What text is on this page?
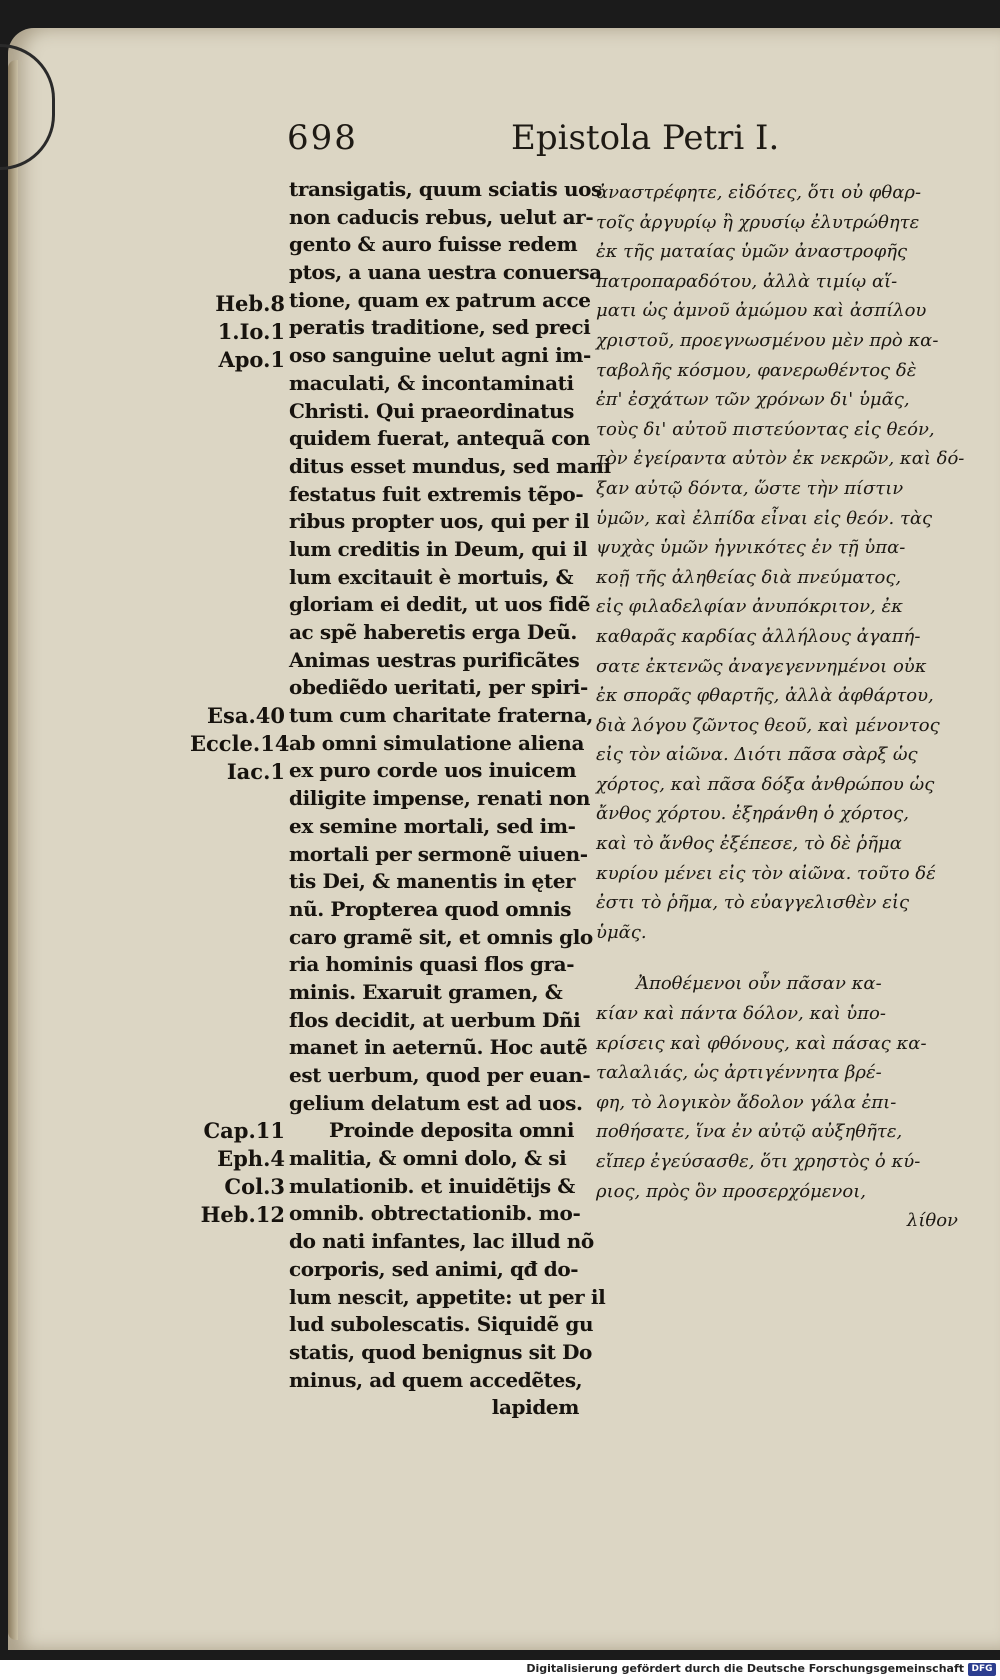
698	Epistola Petri I.
transigatis, quum sciatis uos
non caducis rebus, uelut ar-
gento & auro fuisse redem
ptos, a uana uestra conuersa
tione, quam ex patrum acce
peratis traditione, sed preci
oso sanguine uelut agni im-
maculati, & incontaminati
Christi. Qui praeordinatus
quidem fuerat, antequã con
ditus esset mundus, sed mani
festatus fuit extremis tẽpo-
ribus propter uos, qui per il
lum creditis in Deum, qui il
lum excitauit è mortuis, &
gloriam ei dedit, ut uos fidẽ
ac spẽ haberetis erga Deũ.
Animas uestras purificãtes
obediẽdo ueritati, per spiri-
tum cum charitate fraterna,
ab omni simulatione aliena
ex puro corde uos inuicem
diligite impense, renati non
ex semine mortali, sed im-
mortali per sermonẽ uiuen-
tis Dei, & manentis in ęter
nũ. Propterea quod omnis
caro gramẽ sit, et omnis glo
ria hominis quasi flos gra-
minis. Exaruit gramen, &
flos decidit, at uerbum Dñi
manet in aeternũ. Hoc autẽ
est uerbum, quod per euan-
gelium delatum est ad uos.
Proinde deposita omni
malitia, & omni dolo, & si
mulationib. et inuidẽtijs &
omnib. obtrectationib. mo-
do nati infantes, lac illud nõ
corporis, sed animi, qđ do-
lum nescit, appetite: ut per il
lud subolescatis. Siquidẽ gu
statis, quod benignus sit Do
minus, ad quem accedẽtes,
lapidem
Heb.8
1.Io.1
Apo.1
Esa.40
Eccle.14
Iac.1
Cap.11
Eph.4
Col.3
Heb.12
ἀναστρέφητε, εἰδότες, ὅτι οὐ φθαρ-
τοῖς ἀργυρίῳ ἢ χρυσίῳ ἐλυτρώθητε
ἐκ τῆς ματαίας ὑμῶν ἀναστροφῆς
πατροπαραδότου, ἀλλὰ τιμίῳ αἵ-
ματι ὡς ἀμνοῦ ἀμώμου καὶ ἀσπίλου
χριστοῦ, προεγνωσμένου μὲν πρὸ κα-
ταβολῆς κόσμου, φανερωθέντος δὲ
ἐπ' ἐσχάτων τῶν χρόνων δι' ὑμᾶς,
τοὺς δι' αὐτοῦ πιστεύοντας εἰς θεόν,
τὸν ἐγείραντα αὐτὸν ἐκ νεκρῶν, καὶ δό-
ξαν αὐτῷ δόντα, ὥστε τὴν πίστιν
ὑμῶν, καὶ ἐλπίδα εἶναι εἰς θεόν. τὰς
ψυχὰς ὑμῶν ἡγνικότες ἐν τῇ ὑπα-
κοῇ τῆς ἀληθείας διὰ πνεύματος,
εἰς φιλαδελφίαν ἀνυπόκριτον, ἐκ
καθαρᾶς καρδίας ἀλλήλους ἀγαπή-
σατε ἐκτενῶς ἀναγεγεννημένοι οὐκ
ἐκ σπορᾶς φθαρτῆς, ἀλλὰ ἀφθάρτου,
διὰ λόγου ζῶντος θεοῦ, καὶ μένοντος
εἰς τὸν αἰῶνα. Διότι πᾶσα σὰρξ ὡς
χόρτος, καὶ πᾶσα δόξα ἀνθρώπου ὡς
ἄνθος χόρτου. ἐξηράνθη ὁ χόρτος,
καὶ τὸ ἄνθος ἐξέπεσε, τὸ δὲ ῥῆμα
κυρίου μένει εἰς τὸν αἰῶνα. τοῦτο δέ
ἐστι τὸ ῥῆμα, τὸ εὐαγγελισθὲν εἰς
ὑμᾶς.
Ἀποθέμενοι οὖν πᾶσαν κα-
κίαν καὶ πάντα δόλον, καὶ ὑπο-
κρίσεις καὶ φθόνους, καὶ πάσας κα-
ταλαλιάς, ὡς ἀρτιγέννητα βρέ-
φη, τὸ λογικὸν ἄδολον γάλα ἐπι-
ποθήσατε, ἵνα ἐν αὐτῷ αὐξηθῆτε,
εἴπερ ἐγεύσασθε, ὅτι χρηστὸς ὁ κύ-
ριος, πρὸς ὃν προσερχόμενοι,
λίθον
Digitalisierung gefördert durch die Deutsche Forschungsgemeinschaft DFG
